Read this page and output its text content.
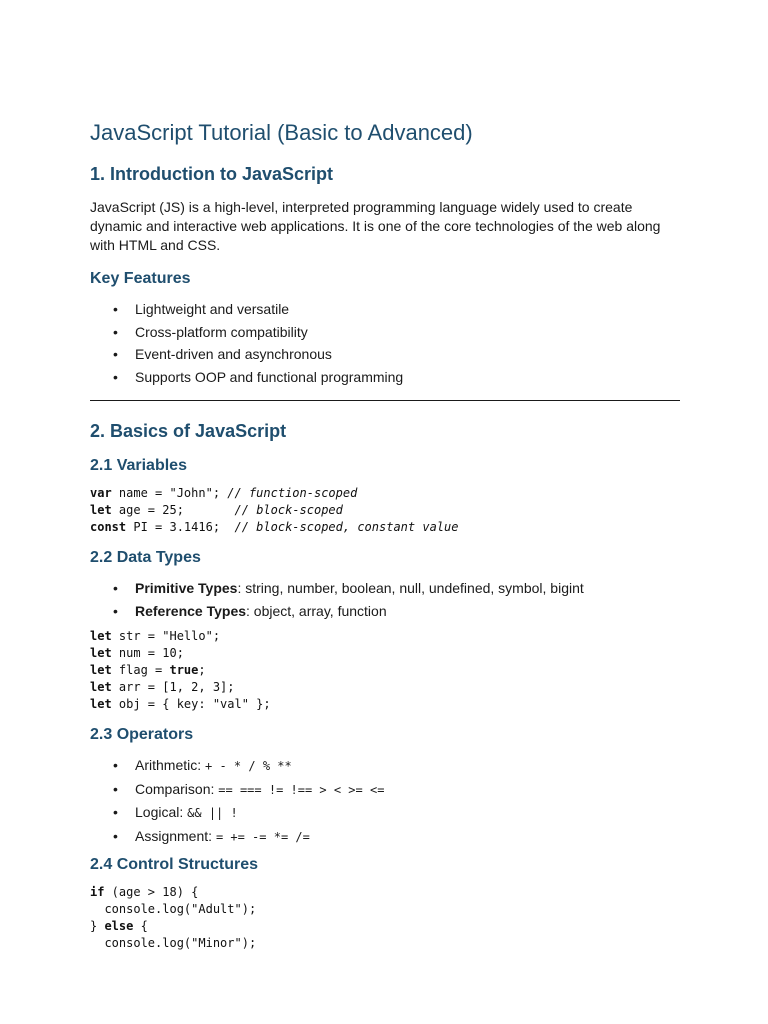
JavaScript Tutorial (Basic to Advanced)
1. Introduction to JavaScript

JavaScript (JS) is a high-level, interpreted programming language widely used to create dynamic and interactive web applications. It is one of the core technologies of the web along with HTML and CSS.

Key Features
• Lightweight and versatile
• Cross-platform compatibility
• Event-driven and asynchronous
• Supports OOP and functional programming
2. Basics of JavaScript
2.1 Variables
var name = "John"; // function-scoped
let age = 25;       // block-scoped
const PI = 3.1416;  // block-scoped, constant value
2.2 Data Types
• Primitive Types: string, number, boolean, null, undefined, symbol, bigint
• Reference Types: object, array, function
let str = "Hello";
let num = 10;
let flag = true;
let arr = [1, 2, 3];
let obj = { key: "val" };
2.3 Operators
• Arithmetic: + - * / % **
• Comparison: == === != !== > < >= <=
• Logical: && || !
• Assignment: = += -= *= /=
2.4 Control Structures
if (age > 18) {
console.log("Adult");
} else {
console.log("Minor");
